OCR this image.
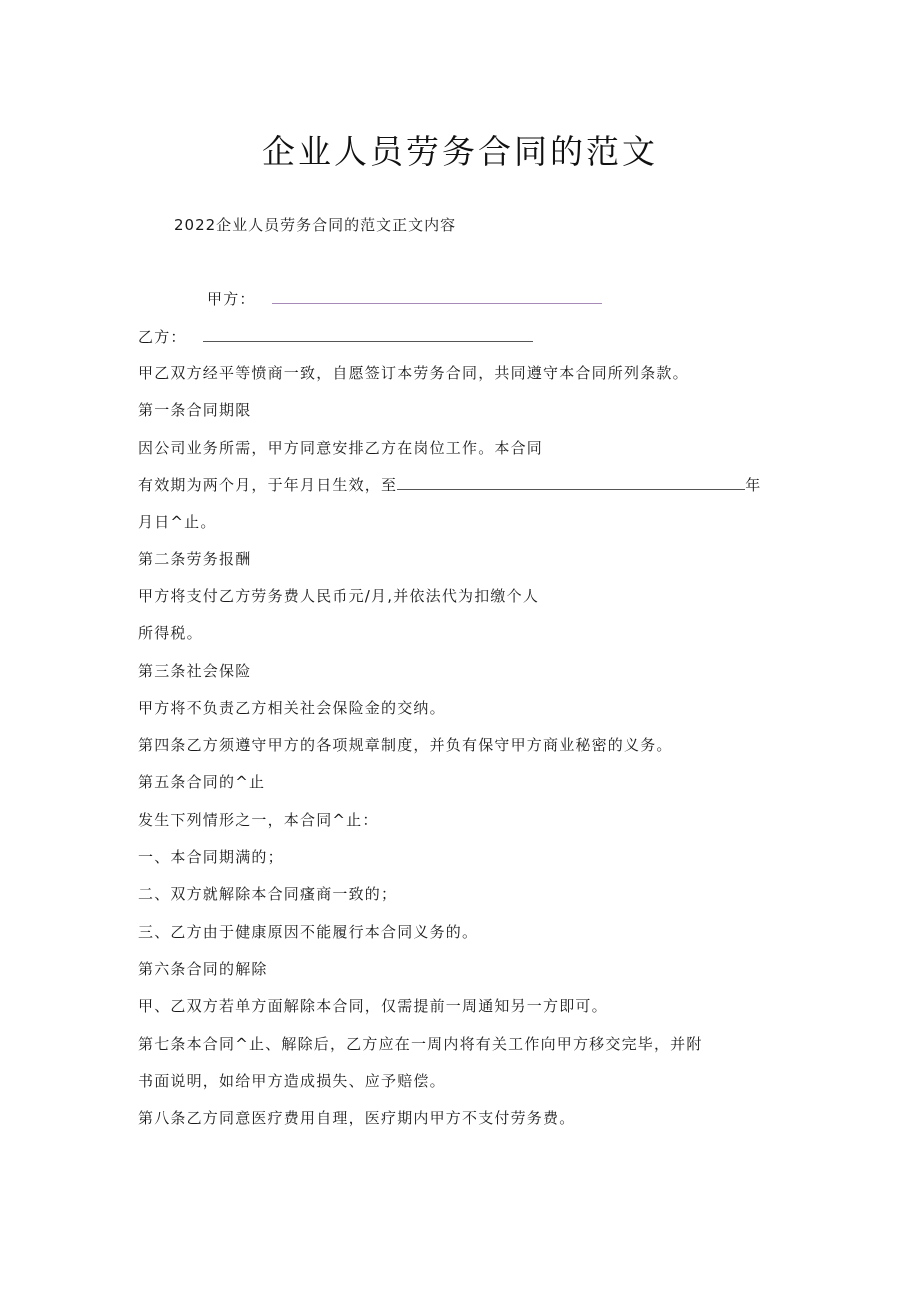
企业人员劳务合同的范文
2022企业人员劳务合同的范文正文内容
甲方：
乙方：
甲乙双方经平等愤商一致，自愿签订本劳务合同，共同遵守本合同所列条款。
第一条合同期限
因公司业务所需，甲方同意安排乙方在岗位工作。本合同
有效期为两个月，于年月日生效，至	年
月日^止。
第二条劳务报酬
甲方将支付乙方劳务费人民币元/月,并依法代为扣缴个人
所得税。
第三条社会保险
甲方将不负责乙方相关社会保险金的交纳。
第四条乙方须遵守甲方的各项规章制度，并负有保守甲方商业秘密的义务。
第五条合同的^止
发生下列情形之一，本合同^止：
一、本合同期满的；
二、双方就解除本合同瘙商一致的；
三、乙方由于健康原因不能履行本合同义务的。
第六条合同的解除
甲、乙双方若单方面解除本合同，仅需提前一周通知另一方即可。
第七条本合同^止、解除后，乙方应在一周内将有关工作向甲方移交完毕，并附
书面说明，如给甲方造成损失、应予赔偿。
第八条乙方同意医疗费用自理，医疗期内甲方不支付劳务费。
